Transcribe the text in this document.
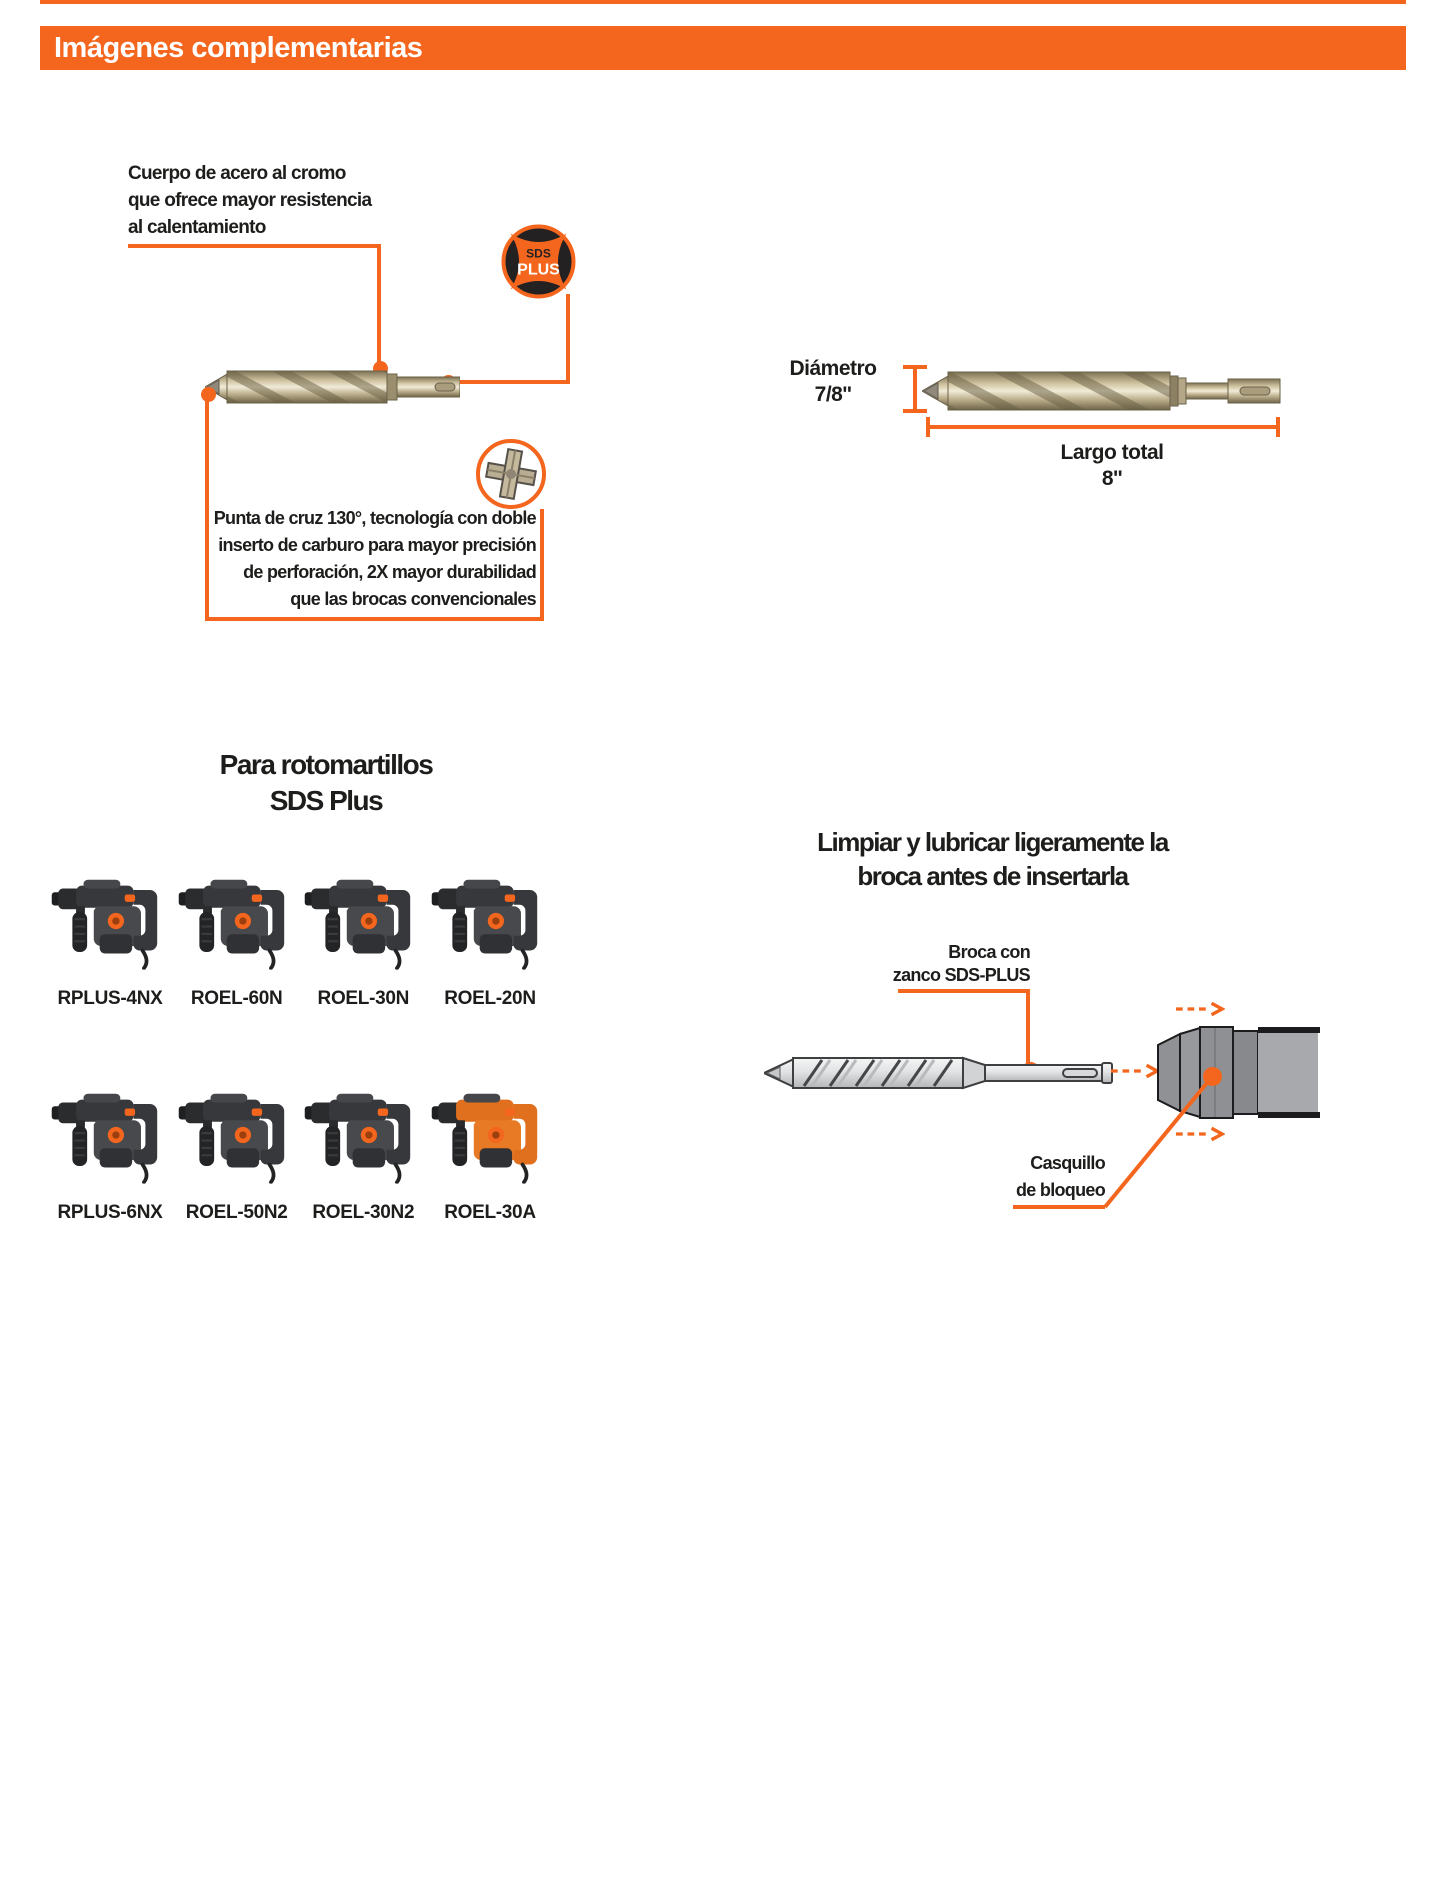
Imágenes complementarias
Cuerpo de acero al cromo
que ofrece mayor resistencia
al calentamiento
SDS
PLUS
Punta de cruz 130°, tecnología con doble
inserto de carburo para mayor precisión
de perforación, 2X mayor durabilidad
que las brocas convencionales
Diámetro
7/8''
Largo total
8''
Para rotomartillos
SDS Plus
RPLUS-4NX ROEL-60N ROEL-30N ROEL-20N
RPLUS-6NX ROEL-50N2 ROEL-30N2 ROEL-30A
Limpiar y lubricar ligeramente la
broca antes de insertarla
Broca con
zanco SDS-PLUS
Casquillo
de bloqueo
